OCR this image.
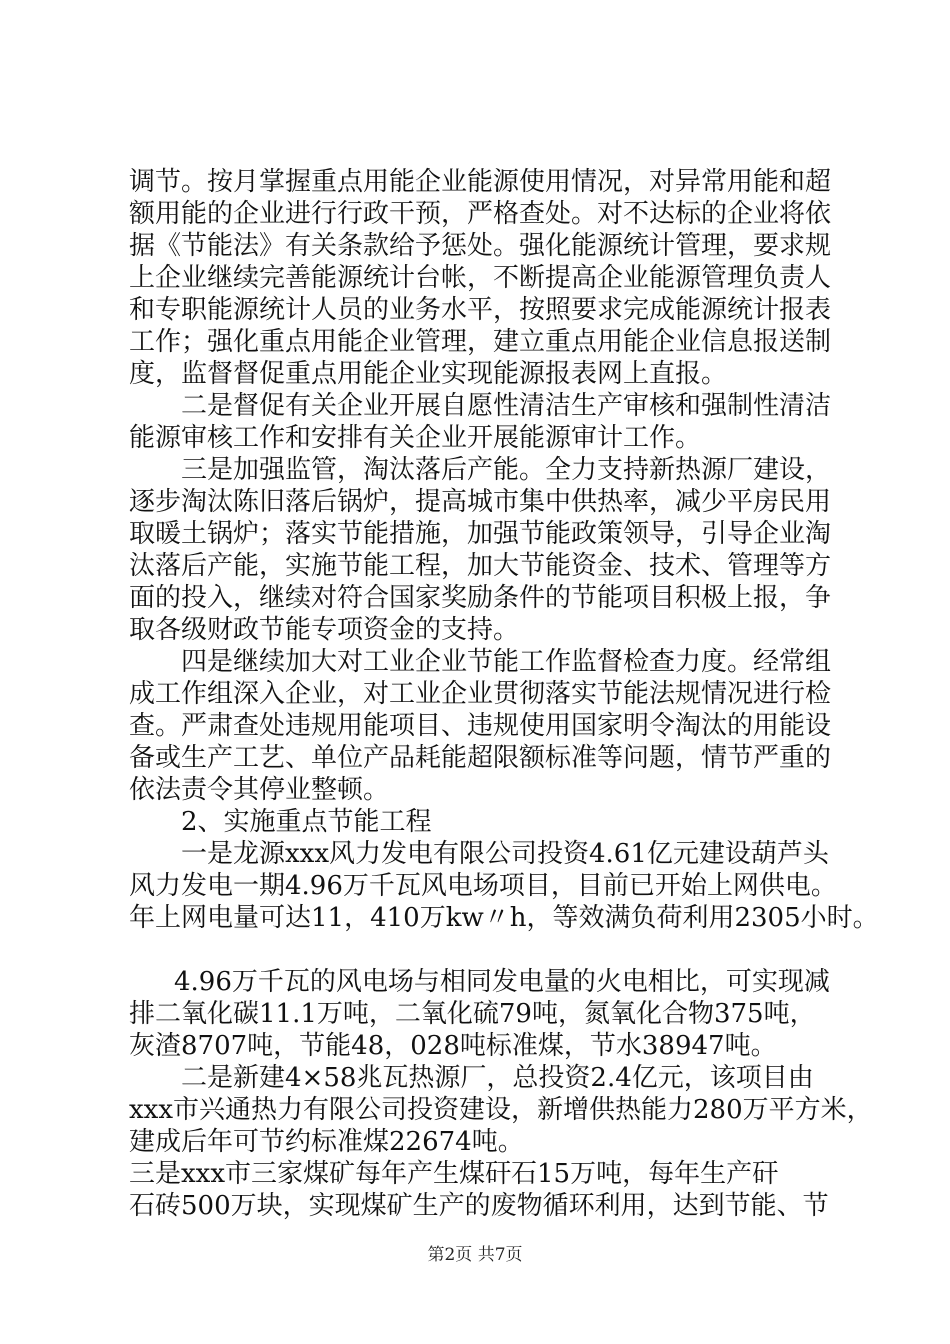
调节。按月掌握重点用能企业能源使用情况，对异常用能和超
额用能的企业进行行政干预，严格查处。对不达标的企业将依
据《节能法》有关条款给予惩处。强化能源统计管理，要求规
上企业继续完善能源统计台帐，不断提高企业能源管理负责人
和专职能源统计人员的业务水平，按照要求完成能源统计报表
工作；强化重点用能企业管理，建立重点用能企业信息报送制
度，监督督促重点用能企业实现能源报表网上直报。
二是督促有关企业开展自愿性清洁生产审核和强制性清洁
能源审核工作和安排有关企业开展能源审计工作。
三是加强监管，淘汰落后产能。全力支持新热源厂建设，
逐步淘汰陈旧落后锅炉，提高城市集中供热率，减少平房民用
取暖土锅炉；落实节能措施，加强节能政策领导，引导企业淘
汰落后产能，实施节能工程，加大节能资金、技术、管理等方
面的投入，继续对符合国家奖励条件的节能项目积极上报，争
取各级财政节能专项资金的支持。
四是继续加大对工业企业节能工作监督检查力度。经常组
成工作组深入企业，对工业企业贯彻落实节能法规情况进行检
查。严肃查处违规用能项目、违规使用国家明令淘汰的用能设
备或生产工艺、单位产品耗能超限额标准等问题，情节严重的
依法责令其停业整顿。
2、实施重点节能工程
一是龙源xxx风力发电有限公司投资4.61亿元建设葫芦头
风力发电一期4.96万千瓦风电场项目，目前已开始上网供电。
年上网电量可达11，410万kw〃h，等效满负荷利用2305小时。
4.96万千瓦的风电场与相同发电量的火电相比，可实现减
排二氧化碳11.1万吨，二氧化硫79吨，氮氧化合物375吨，
灰渣8707吨，节能48，028吨标准煤，节水38947吨。
二是新建4×58兆瓦热源厂，总投资2.4亿元，该项目由
xxx市兴通热力有限公司投资建设，新增供热能力280万平方米，
建成后年可节约标准煤22674吨。
三是xxx市三家煤矿每年产生煤矸石15万吨，每年生产矸
石砖500万块，实现煤矿生产的废物循环利用，达到节能、节
第2页 共7页
